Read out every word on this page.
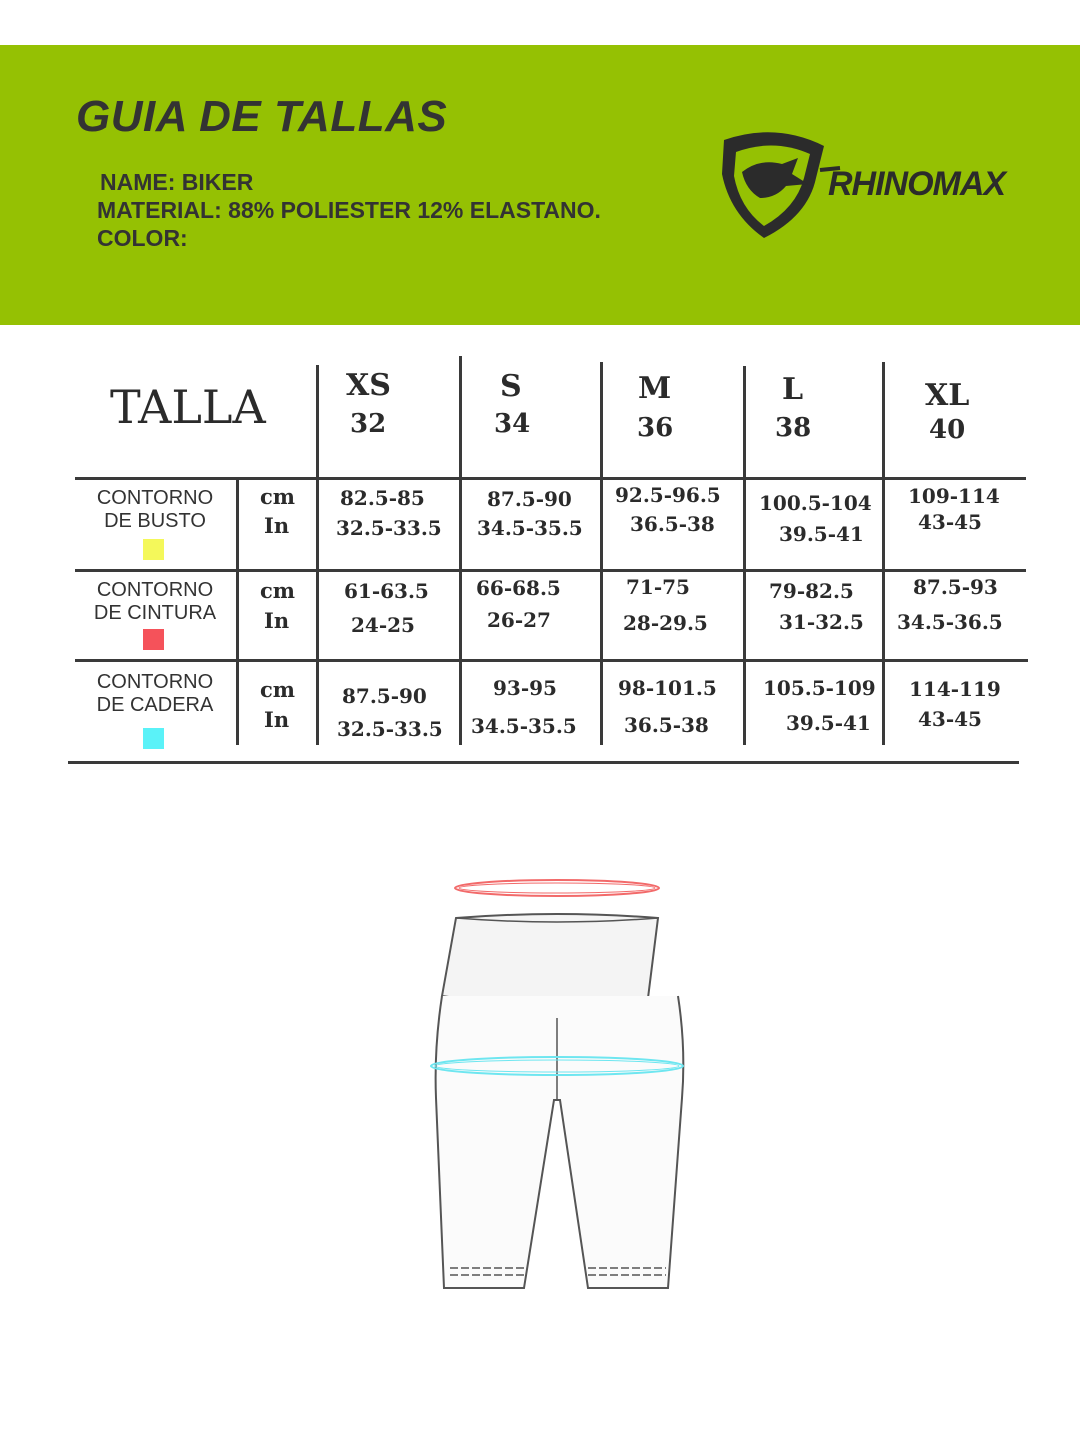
GUIA DE TALLAS
NAME: BIKER
MATERIAL: 88% POLIESTER 12% ELASTANO.
COLOR:
RHINOMAX
TALLA	XS
32
S
34
M
36
L
38
XL
40
CONTORNO
DE BUSTO
cm
In
82.5-85
32.5-33.5
87.5-90
34.5-35.5
92.5-96.5
36.5-38
100.5-104
39.5-41
109-114
43-45
CONTORNO
DE CINTURA
cm
In
61-63.5
24-25
66-68.5
26-27
71-75
28-29.5
79-82.5
31-32.5
87.5-93
34.5-36.5
CONTORNO
DE CADERA
cm
In
87.5-90
32.5-33.5
93-95
34.5-35.5
98-101.5
36.5-38
105.5-109
39.5-41
114-119
43-45
